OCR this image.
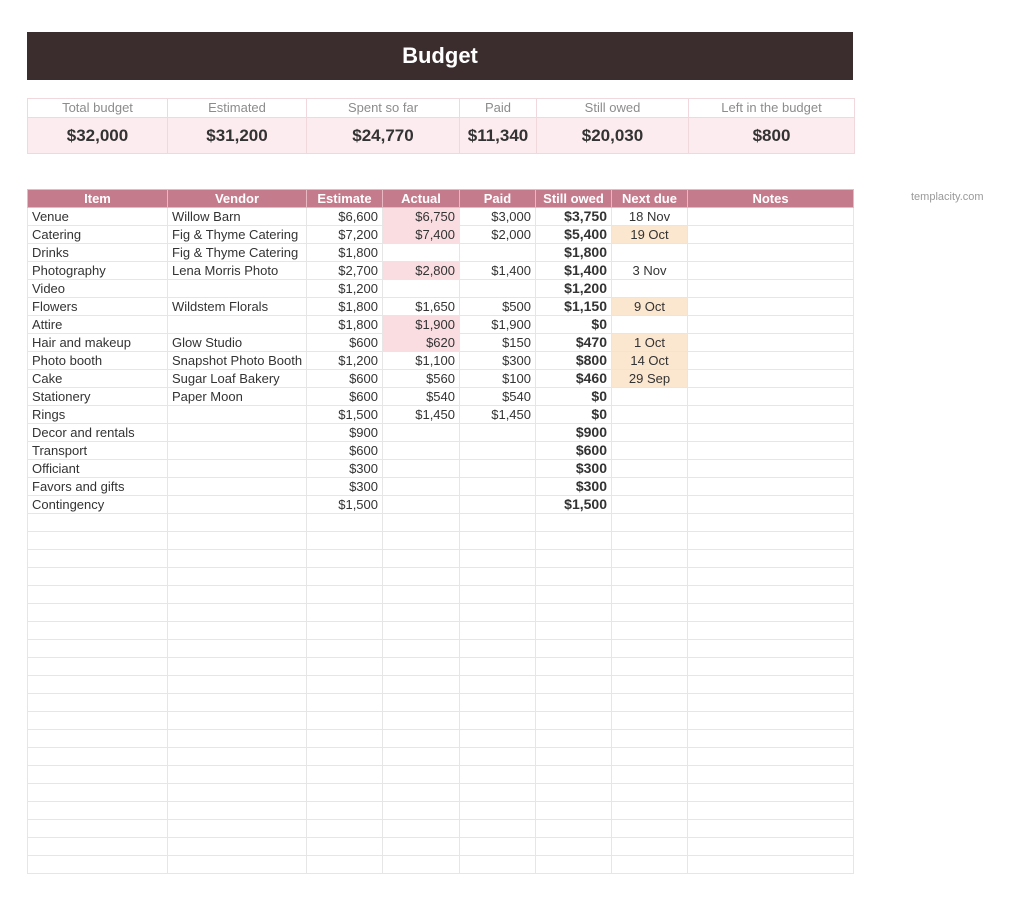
Budget
Total budget
$32,000
Estimated
$31,200
Spent so far
$24,770
Paid
$11,340
Still owed
$20,030
Left in the budget
$800
templacity.com
Item	Vendor	Estimate	Actual	Paid	Still owed	Next due	Notes
Venue	Willow Barn	$6,600	$6,750	$3,000	$3,750	18 Nov	
Catering	Fig & Thyme Catering	$7,200	$7,400	$2,000	$5,400	19 Oct	
Drinks	Fig & Thyme Catering	$1,800			$1,800		
Photography	Lena Morris Photo	$2,700	$2,800	$1,400	$1,400	3 Nov	
Video		$1,200			$1,200		
Flowers	Wildstem Florals	$1,800	$1,650	$500	$1,150	9 Oct	
Attire		$1,800	$1,900	$1,900	$0		
Hair and makeup	Glow Studio	$600	$620	$150	$470	1 Oct	
Photo booth	Snapshot Photo Booth	$1,200	$1,100	$300	$800	14 Oct	
Cake	Sugar Loaf Bakery	$600	$560	$100	$460	29 Sep	
Stationery	Paper Moon	$600	$540	$540	$0		
Rings		$1,500	$1,450	$1,450	$0		
Decor and rentals		$900			$900		
Transport		$600			$600		
Officiant		$300			$300		
Favors and gifts		$300			$300		
Contingency		$1,500			$1,500		
